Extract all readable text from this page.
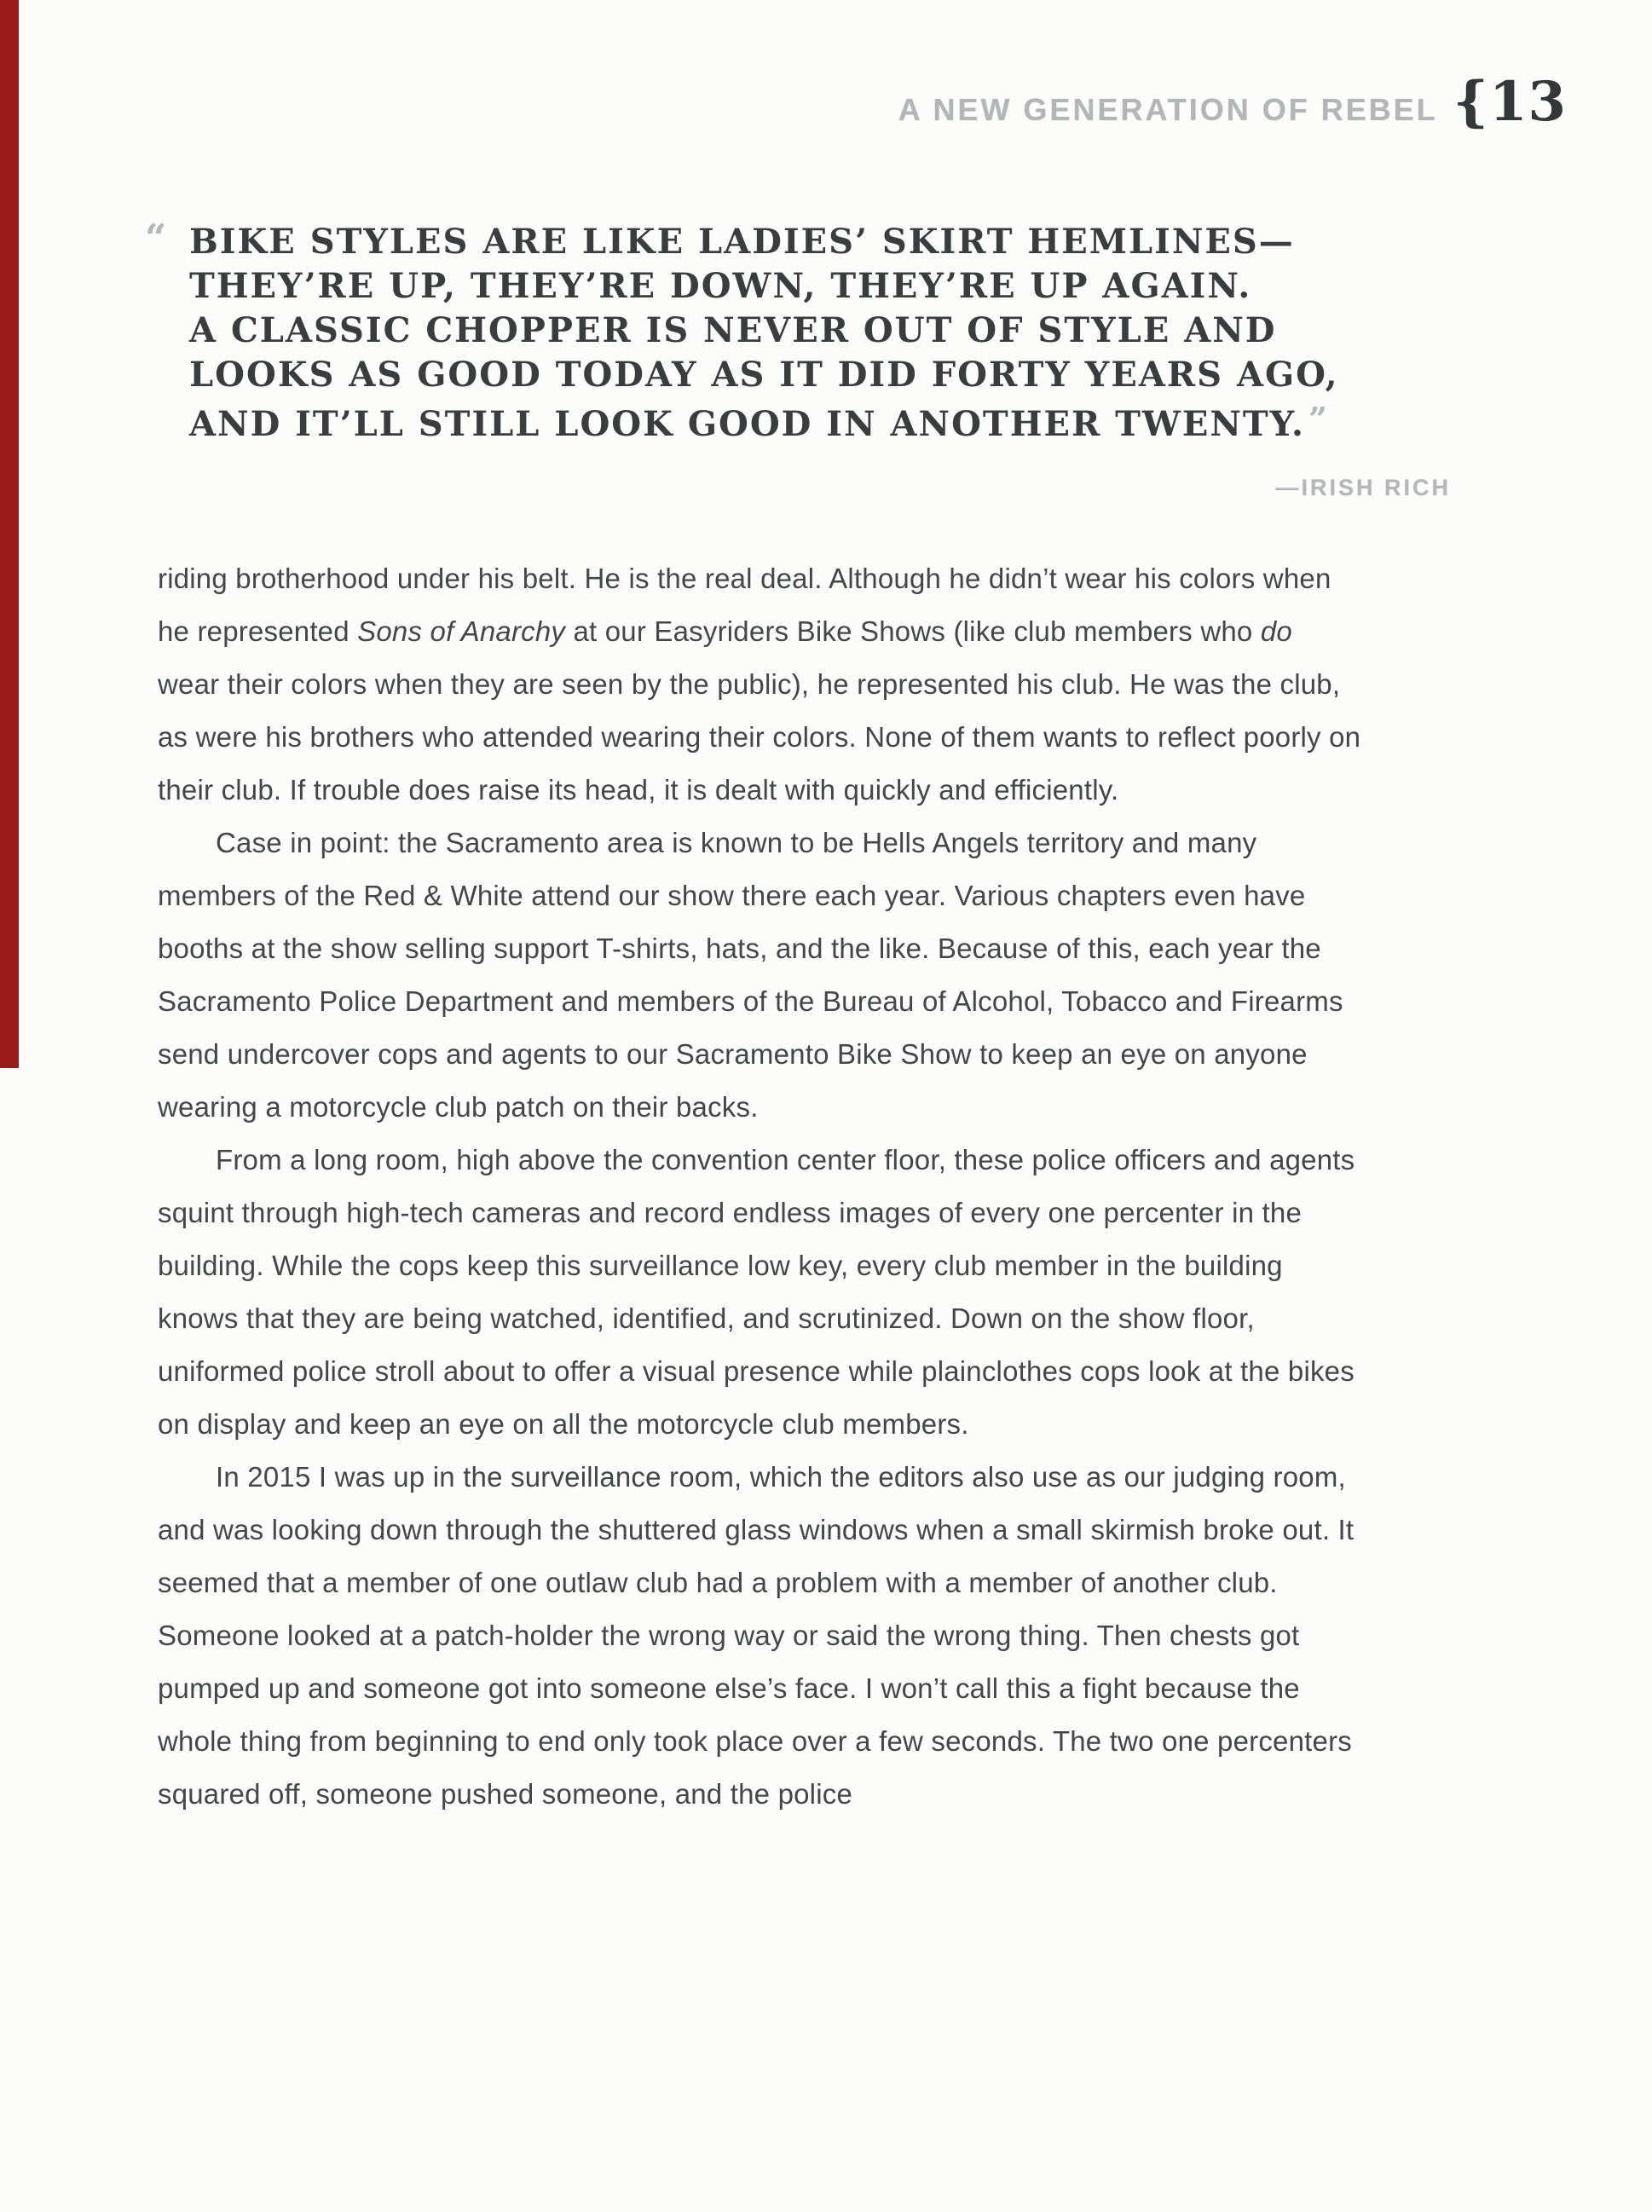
A NEW GENERATION OF REBEL {13
“ BIKE STYLES ARE LIKE LADIES’ SKIRT HEMLINES—
THEY’RE UP, THEY’RE DOWN, THEY’RE UP AGAIN.
A CLASSIC CHOPPER IS NEVER OUT OF STYLE AND
LOOKS AS GOOD TODAY AS IT DID FORTY YEARS AGO,
AND IT’LL STILL LOOK GOOD IN ANOTHER TWENTY. ”
—IRISH RICH

riding brotherhood under his belt. He is the real deal. Although he didn’t wear his colors when he represented Sons of Anarchy at our Easyriders Bike Shows (like club members who do wear their colors when they are seen by the public), he represented his club. He was the club, as were his brothers who attended wearing their colors. None of them wants to reflect poorly on their club. If trouble does raise its head, it is dealt with quickly and efficiently.

Case in point: the Sacramento area is known to be Hells Angels territory and many members of the Red & White attend our show there each year. Various chapters even have booths at the show selling support T-shirts, hats, and the like. Because of this, each year the Sacramento Police Department and members of the Bureau of Alcohol, Tobacco and Firearms send undercover cops and agents to our Sacramento Bike Show to keep an eye on anyone wearing a motorcycle club patch on their backs.

From a long room, high above the convention center floor, these police officers and agents squint through high-tech cameras and record endless images of every one percenter in the building. While the cops keep this surveillance low key, every club member in the building knows that they are being watched, identified, and scrutinized. Down on the show floor, uniformed police stroll about to offer a visual presence while plainclothes cops look at the bikes on display and keep an eye on all the motorcycle club members.

In 2015 I was up in the surveillance room, which the editors also use as our judging room, and was looking down through the shuttered glass windows when a small skirmish broke out. It seemed that a member of one outlaw club had a problem with a member of another club. Someone looked at a patch-holder the wrong way or said the wrong thing. Then chests got pumped up and someone got into someone else’s face. I won’t call this a fight because the whole thing from beginning to end only took place over a few seconds. The two one percenters squared off, someone pushed someone, and the police
